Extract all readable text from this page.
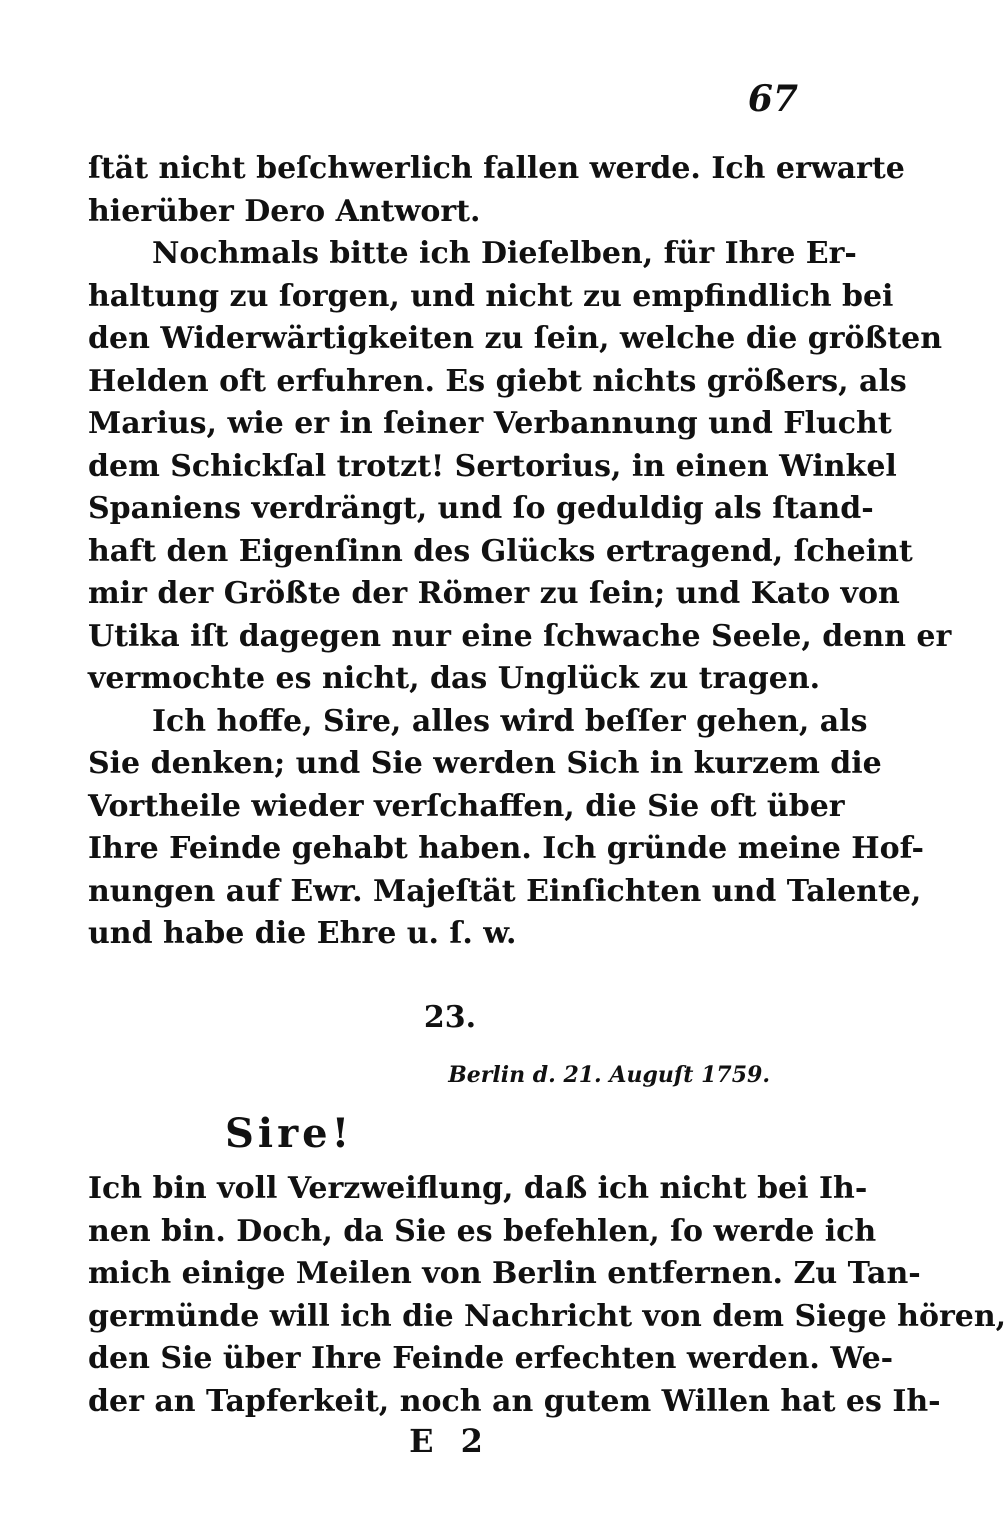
67
ſtät nicht beſchwerlich fallen werde. Ich erwarte
hierüber Dero Antwort.
Nochmals bitte ich Dieſelben, für Ihre Er-
haltung zu ſorgen, und nicht zu empfindlich bei
den Widerwärtigkeiten zu ſein, welche die größten
Helden oft erfuhren. Es giebt nichts größers, als
Marius, wie er in ſeiner Verbannung und Flucht
dem Schickſal trotzt! Sertorius, in einen Winkel
Spaniens verdrängt, und ſo geduldig als ſtand-
haft den Eigenſinn des Glücks ertragend, ſcheint
mir der Größte der Römer zu ſein; und Kato von
Utika iſt dagegen nur eine ſchwache Seele, denn er
vermochte es nicht, das Unglück zu tragen.
Ich hoffe, Sire, alles wird beſſer gehen, als
Sie denken; und Sie werden Sich in kurzem die
Vortheile wieder verſchaffen, die Sie oft über
Ihre Feinde gehabt haben. Ich gründe meine Hof-
nungen auf Ewr. Majeſtät Einſichten und Talente,
und habe die Ehre u. ſ. w.
23.
Berlin d. 21. Auguſt 1759.
Sire!
Ich bin voll Verzweiflung, daß ich nicht bei Ih-
nen bin. Doch, da Sie es befehlen, ſo werde ich
mich einige Meilen von Berlin entfernen. Zu Tan-
germünde will ich die Nachricht von dem Siege hören,
den Sie über Ihre Feinde erfechten werden. We-
der an Tapferkeit, noch an gutem Willen hat es Ih-
E 2
